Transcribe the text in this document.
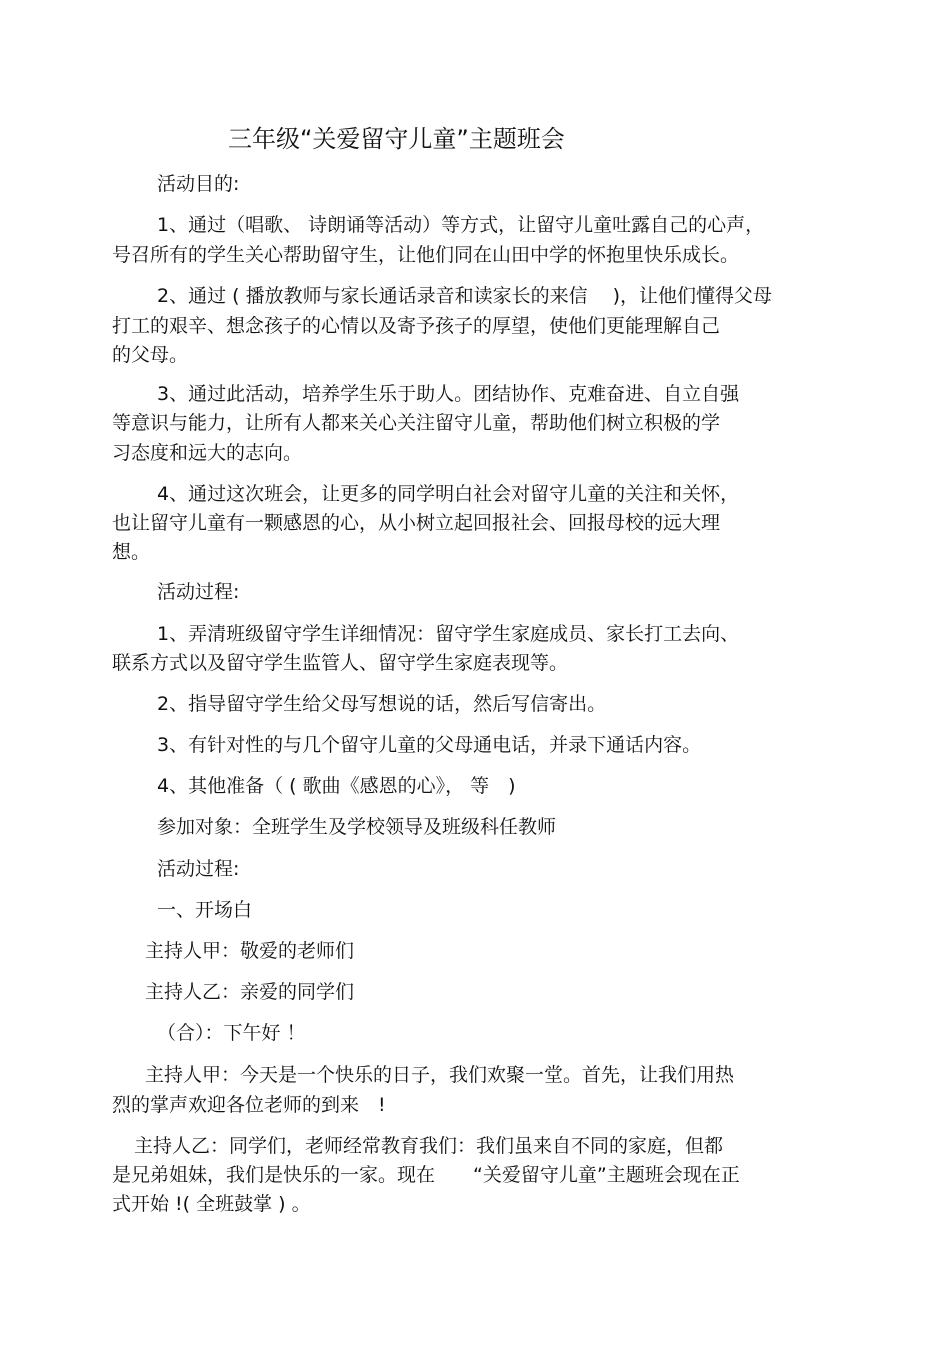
三年级“关爱留守儿童”主题班会

活动目的:

1、通过（唱歌、 诗朗诵等活动）等方式，让留守儿童吐露自己的心声，

号召所有的学生关心帮助留守生，让他们同在山田中学的怀抱里快乐成长。

2、通过 ( 播放教师与家长通话录音和读家长的来信　 )，让他们懂得父母

打工的艰辛、想念孩子的心情以及寄予孩子的厚望，使他们更能理解自己

的父母。

3、通过此活动，培养学生乐于助人。团结协作、克难奋进、自立自强

等意识与能力，让所有人都来关心关注留守儿童，帮助他们树立积极的学

习态度和远大的志向。

4、通过这次班会，让更多的同学明白社会对留守儿童的关注和关怀，

也让留守儿童有一颗感恩的心，从小树立起回报社会、回报母校的远大理

想。

活动过程:

1、弄清班级留守学生详细情况：留守学生家庭成员、家长打工去向、

联系方式以及留守学生监管人、留守学生家庭表现等。

2、指导留守学生给父母写想说的话，然后写信寄出。

3、有针对性的与几个留守儿童的父母通电话，并录下通话内容。

4、其他准备（ ( 歌曲《感恩的心》， 等　)

参加对象：全班学生及学校领导及班级科任教师

活动过程:

一、开场白

主持人甲：敬爱的老师们

主持人乙：亲爱的同学们

（合）：下午好 ！

主持人甲：今天是一个快乐的日子，我们欢聚一堂。首先，让我们用热

烈的掌声欢迎各位老师的到来　!

主持人乙：同学们，老师经常教育我们：我们虽来自不同的家庭，但都

是兄弟姐妹，我们是快乐的一家。现在　　“关爱留守儿童”主题班会现在正

式开始 !( 全班鼓掌 ) 。
